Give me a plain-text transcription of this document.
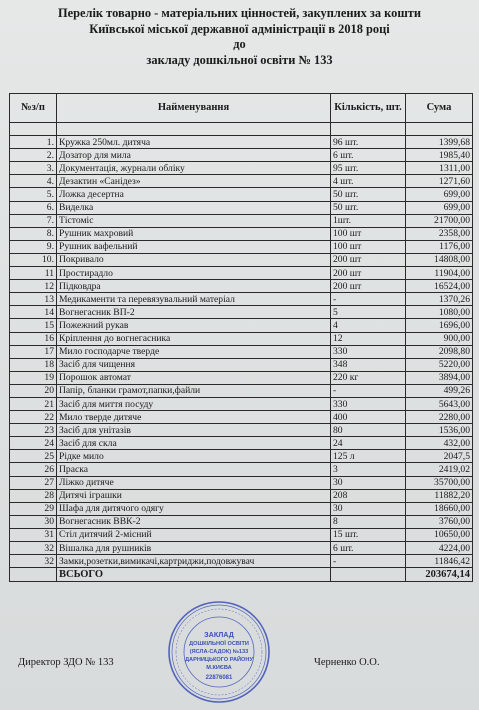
Перелік товарно - матеріальних цінностей, закуплених за кошти
Київської міської державної адміністрації в 2018 році
до
закладу дошкільної освіти № 133
№з/п	Найменування	Кількість, шт.	Сума

1.	Кружка 250мл. дитяча	96 шт.	1399,68
2.	Дозатор для мила	6 шт.	1985,40
3.	Документація, журнали обліку	95 шт.	1311,00
4.	Дезактин «Санідез»	4 шт.	1271,60
5.	Ложка десертна	50 шт.	699,00
6.	Виделка	50 шт.	699,00
7.	Тістоміс	1шт.	21700,00
8.	Рушник махровий	100 шт	2358,00
9.	Рушник вафельний	100 шт	1176,00
10.	Покривало	200 шт	14808,00
11	Простирадло	200 шт	11904,00
12	Підковдра	200 шт	16524,00
13	Медикаменти та перевязувальний матеріал	-	1370,26
14	Вогнегасник ВП-2	5	1080,00
15	Пожежний рукав	4	1696,00
16	Кріплення до вогнегасника	12	900,00
17	Мило господарче тверде	330	2098,80
18	Засіб для чищення	348	5220,00
19	Порошок автомат	220 кг	3894,00
20	Папір, бланки грамот,папки,файли	-	499,26
21	Засіб для миття посуду	330	5643,00
22	Мило тверде дитяче	400	2280,00
23	Засіб для унітазів	80	1536,00
24	Засіб для скла	24	432,00
25	Рідке мило	125 л	2047,5
26	Праска	3	2419,02
27	Ліжко дитяче	30	35700,00
28	Дитячі іграшки	208	11882,20
29	Шафа для дитячого одягу	30	18660,00
30	Вогнегасник ВВК-2	8	3760,00
31	Стіл дитячий 2-місний	15 шт.	10650,00
32	Вішалка для рушників	6 шт.	4224,00
32	Замки,розетки,вимикачі,картриджи,подовжувач	-	11846,42
	ВСЬОГО		203674,14
Директор ЗДО № 133	Черненко О.О.
ЗАКЛАД
ДОШКІЛЬНОЇ ОСВІТИ
(ЯСЛА-САДОК) №133
ДАРНИЦЬКОГО РАЙОНУ
М.КИЄВА
22876081
